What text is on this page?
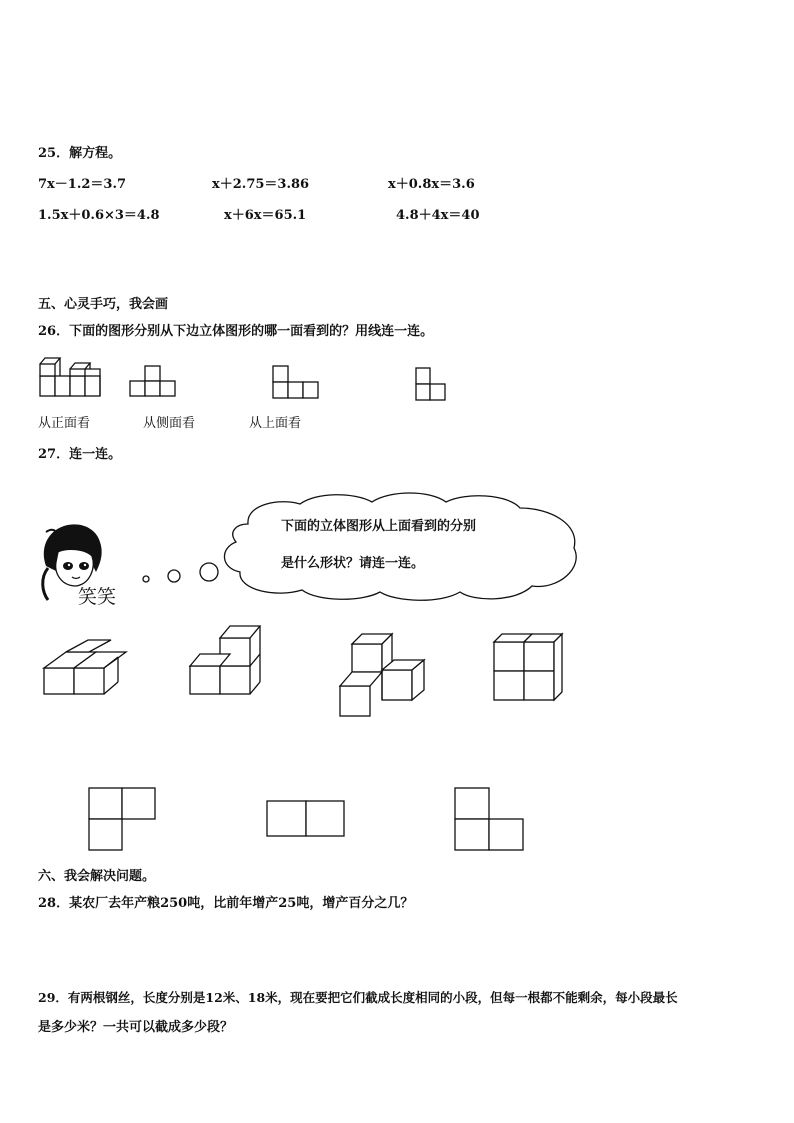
25．解方程。
7x－1.2＝3.7	x＋2.75＝3.86	x＋0.8x＝3.6
1.5x＋0.6×3＝4.8	x＋6x＝65.1	4.8＋4x＝40
五、心灵手巧，我会画
26．下面的图形分别从下边立体图形的哪一面看到的？用线连一连。
从正面看	从侧面看	从上面看
27．连一连。
笑笑
下面的立体图形从上面看到的分别
是什么形状？请连一连。
六、我会解决问题。
28．某农厂去年产粮250吨，比前年增产25吨，增产百分之几？
29．有两根钢丝，长度分别是12米、18米，现在要把它们截成长度相同的小段，但每一根都不能剩余，每小段最长
是多少米？一共可以截成多少段？
